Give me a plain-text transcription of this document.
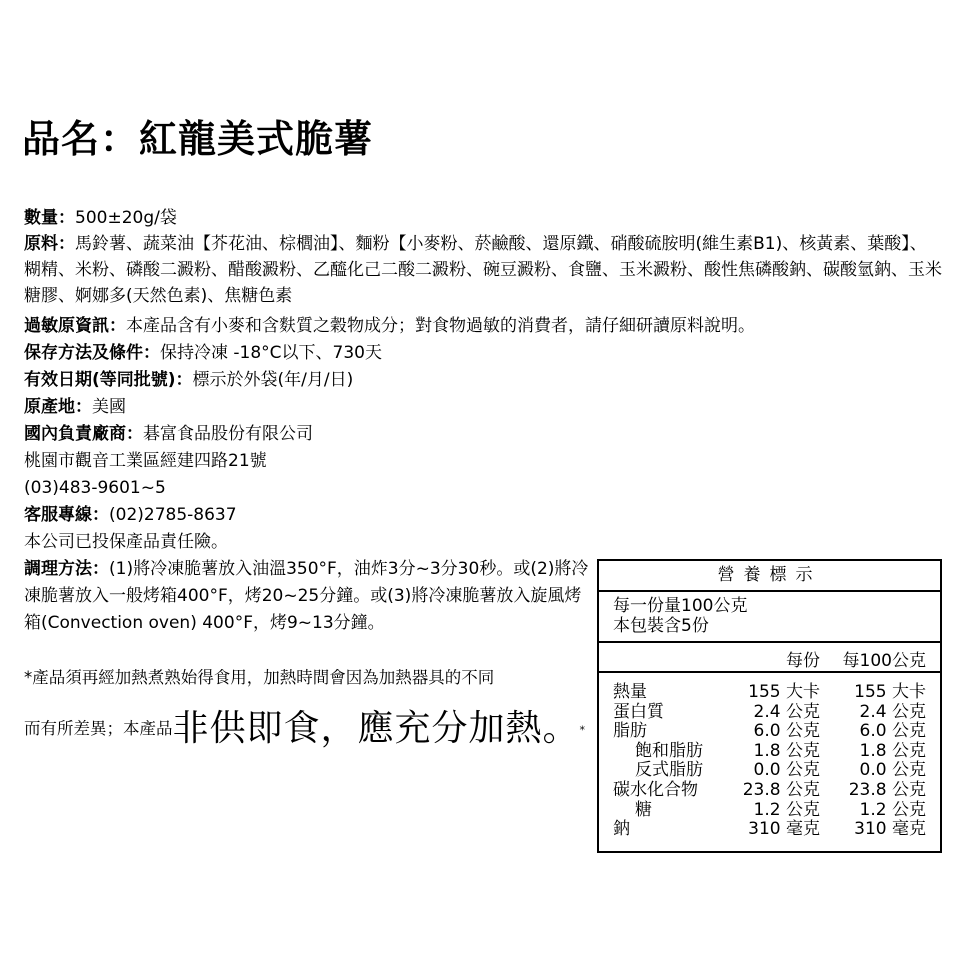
品名：紅龍美式脆薯
數量：500±20g/袋
原料：馬鈴薯、蔬菜油【芥花油、棕櫚油】、麵粉【小麥粉、菸鹼酸、還原鐵、硝酸硫胺明(維生素B1)、核黃素、葉酸】、糊精、米粉、磷酸二澱粉、醋酸澱粉、乙醯化己二酸二澱粉、碗豆澱粉、食鹽、玉米澱粉、酸性焦磷酸鈉、碳酸氫鈉、玉米糖膠、婀娜多(天然色素)、焦糖色素
過敏原資訊：本產品含有小麥和含麩質之穀物成分；對食物過敏的消費者，請仔細研讀原料說明。
保存方法及條件：保持冷凍 -18°C以下、730天
有效日期(等同批號)：標示於外袋(年/月/日)
原產地：美國
國內負責廠商：碁富食品股份有限公司
桃園市觀音工業區經建四路21號
(03)483-9601~5
客服專線：(02)2785-8637
本公司已投保產品責任險。
調理方法：(1)將冷凍脆薯放入油溫350°F，油炸3分~3分30秒。或(2)將冷凍脆薯放入一般烤箱400°F，烤20~25分鐘。或(3)將冷凍脆薯放入旋風烤箱(Convection oven) 400°F，烤9~13分鐘。
*產品須再經加熱煮熟始得食用，加熱時間會因為加熱器具的不同
而有所差異；本產品非供即食，應充分加熱。*
營養標示
每一份量100公克
本包裝含5份
每份 每100公克
熱量	155 大卡 155 大卡
蛋白質	2.4 公克 2.4 公克
脂肪	6.0 公克 6.0 公克
飽和脂肪	1.8 公克 1.8 公克
反式脂肪	0.0 公克 0.0 公克
碳水化合物	23.8 公克 23.8 公克
糖	1.2 公克 1.2 公克
鈉	310 毫克 310 毫克
